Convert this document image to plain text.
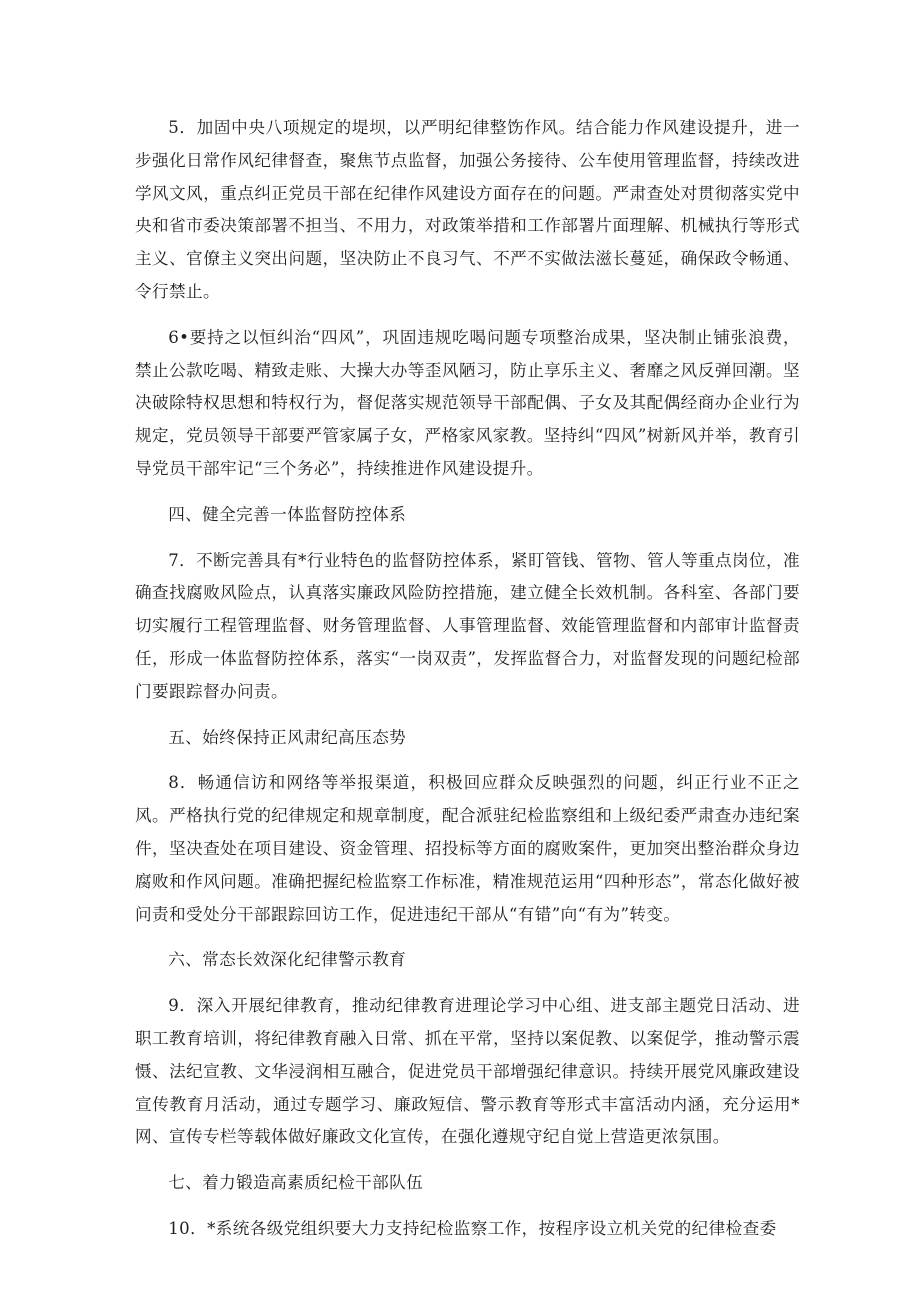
5．加固中央八项规定的堤坝，以严明纪律整饬作风。结合能力作风建设提升，进一步强化日常作风纪律督查，聚焦节点监督，加强公务接待、公车使用管理监督，持续改进学风文风，重点纠正党员干部在纪律作风建设方面存在的问题。严肃查处对贯彻落实党中央和省市委决策部署不担当、不用力，对政策举措和工作部署片面理解、机械执行等形式主义、官僚主义突出问题，坚决防止不良习气、不严不实做法滋长蔓延，确保政令畅通、令行禁止。

6•要持之以恒纠治“四风”，巩固违规吃喝问题专项整治成果，坚决制止铺张浪费，禁止公款吃喝、精致走账、大操大办等歪风陋习，防止享乐主义、奢靡之风反弹回潮。坚决破除特权思想和特权行为，督促落实规范领导干部配偶、子女及其配偶经商办企业行为规定，党员领导干部要严管家属子女，严格家风家教。坚持纠“四风”树新风并举，教育引导党员干部牢记“三个务必”，持续推进作风建设提升。

四、健全完善一体监督防控体系

7．不断完善具有*行业特色的监督防控体系，紧盯管钱、管物、管人等重点岗位，准确查找腐败风险点，认真落实廉政风险防控措施，建立健全长效机制。各科室、各部门要切实履行工程管理监督、财务管理监督、人事管理监督、效能管理监督和内部审计监督责任，形成一体监督防控体系，落实“一岗双责”，发挥监督合力，对监督发现的问题纪检部门要跟踪督办问责。

五、始终保持正风肃纪高压态势

8．畅通信访和网络等举报渠道，积极回应群众反映强烈的问题，纠正行业不正之风。严格执行党的纪律规定和规章制度，配合派驻纪检监察组和上级纪委严肃查办违纪案件，坚决查处在项目建设、资金管理、招投标等方面的腐败案件，更加突出整治群众身边腐败和作风问题。准确把握纪检监察工作标准，精准规范运用“四种形态”，常态化做好被问责和受处分干部跟踪回访工作，促进违纪干部从“有错”向“有为”转变。

六、常态长效深化纪律警示教育

9．深入开展纪律教育，推动纪律教育进理论学习中心组、进支部主题党日活动、进职工教育培训，将纪律教育融入日常、抓在平常，坚持以案促教、以案促学，推动警示震慑、法纪宣教、文华浸润相互融合，促进党员干部增强纪律意识。持续开展党风廉政建设宣传教育月活动，通过专题学习、廉政短信、警示教育等形式丰富活动内涵，充分运用*网、宣传专栏等载体做好廉政文化宣传，在强化遵规守纪自觉上营造更浓氛围。

七、着力锻造高素质纪检干部队伍

10．*系统各级党组织要大力支持纪检监察工作，按程序设立机关党的纪律检查委
